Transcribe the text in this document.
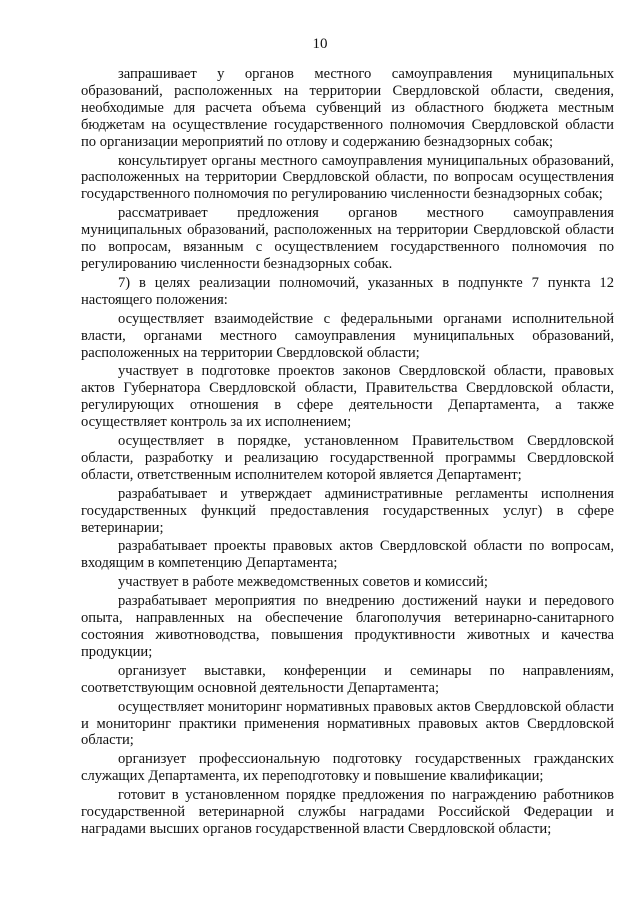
10

запрашивает у органов местного самоуправления муниципальных образований, расположенных на территории Свердловской области, сведения, необходимые для расчета объема субвенций из областного бюджета местным бюджетам на осуществление государственного полномочия Свердловской области по организации мероприятий по отлову и содержанию безнадзорных собак;

консультирует органы местного самоуправления муниципальных образований, расположенных на территории Свердловской области, по вопросам осуществления государственного полномочия по регулированию численности безнадзорных собак;

рассматривает предложения органов местного самоуправления муниципальных образований, расположенных на территории Свердловской области по вопросам, вязанным с осуществлением государственного полномочия по регулированию численности безнадзорных собак.

7) в целях реализации полномочий, указанных в подпункте 7 пункта 12 настоящего положения:

осуществляет взаимодействие с федеральными органами исполнительной власти, органами местного самоуправления муниципальных образований, расположенных на территории Свердловской области;

участвует в подготовке проектов законов Свердловской области, правовых актов Губернатора Свердловской области, Правительства Свердловской области, регулирующих отношения в сфере деятельности Департамента, а также осуществляет контроль за их исполнением;

осуществляет в порядке, установленном Правительством Свердловской области, разработку и реализацию государственной программы Свердловской области, ответственным исполнителем которой является Департамент;

разрабатывает и утверждает административные регламенты исполнения государственных функций предоставления государственных услуг) в сфере ветеринарии;

разрабатывает проекты правовых актов Свердловской области по вопросам, входящим в компетенцию Департамента;

участвует в работе межведомственных советов и комиссий;

разрабатывает мероприятия по внедрению достижений науки и передового опыта, направленных на обеспечение благополучия ветеринарно-санитарного состояния животноводства, повышения продуктивности животных и качества продукции;

организует выставки, конференции и семинары по направлениям, соответствующим основной деятельности Департамента;

осуществляет мониторинг нормативных правовых актов Свердловской области и мониторинг практики применения нормативных правовых актов Свердловской области;

организует профессиональную подготовку государственных гражданских служащих Департамента, их переподготовку и повышение квалификации;

готовит в установленном порядке предложения по награждению работников государственной ветеринарной службы наградами Российской Федерации и наградами высших органов государственной власти Свердловской области;
